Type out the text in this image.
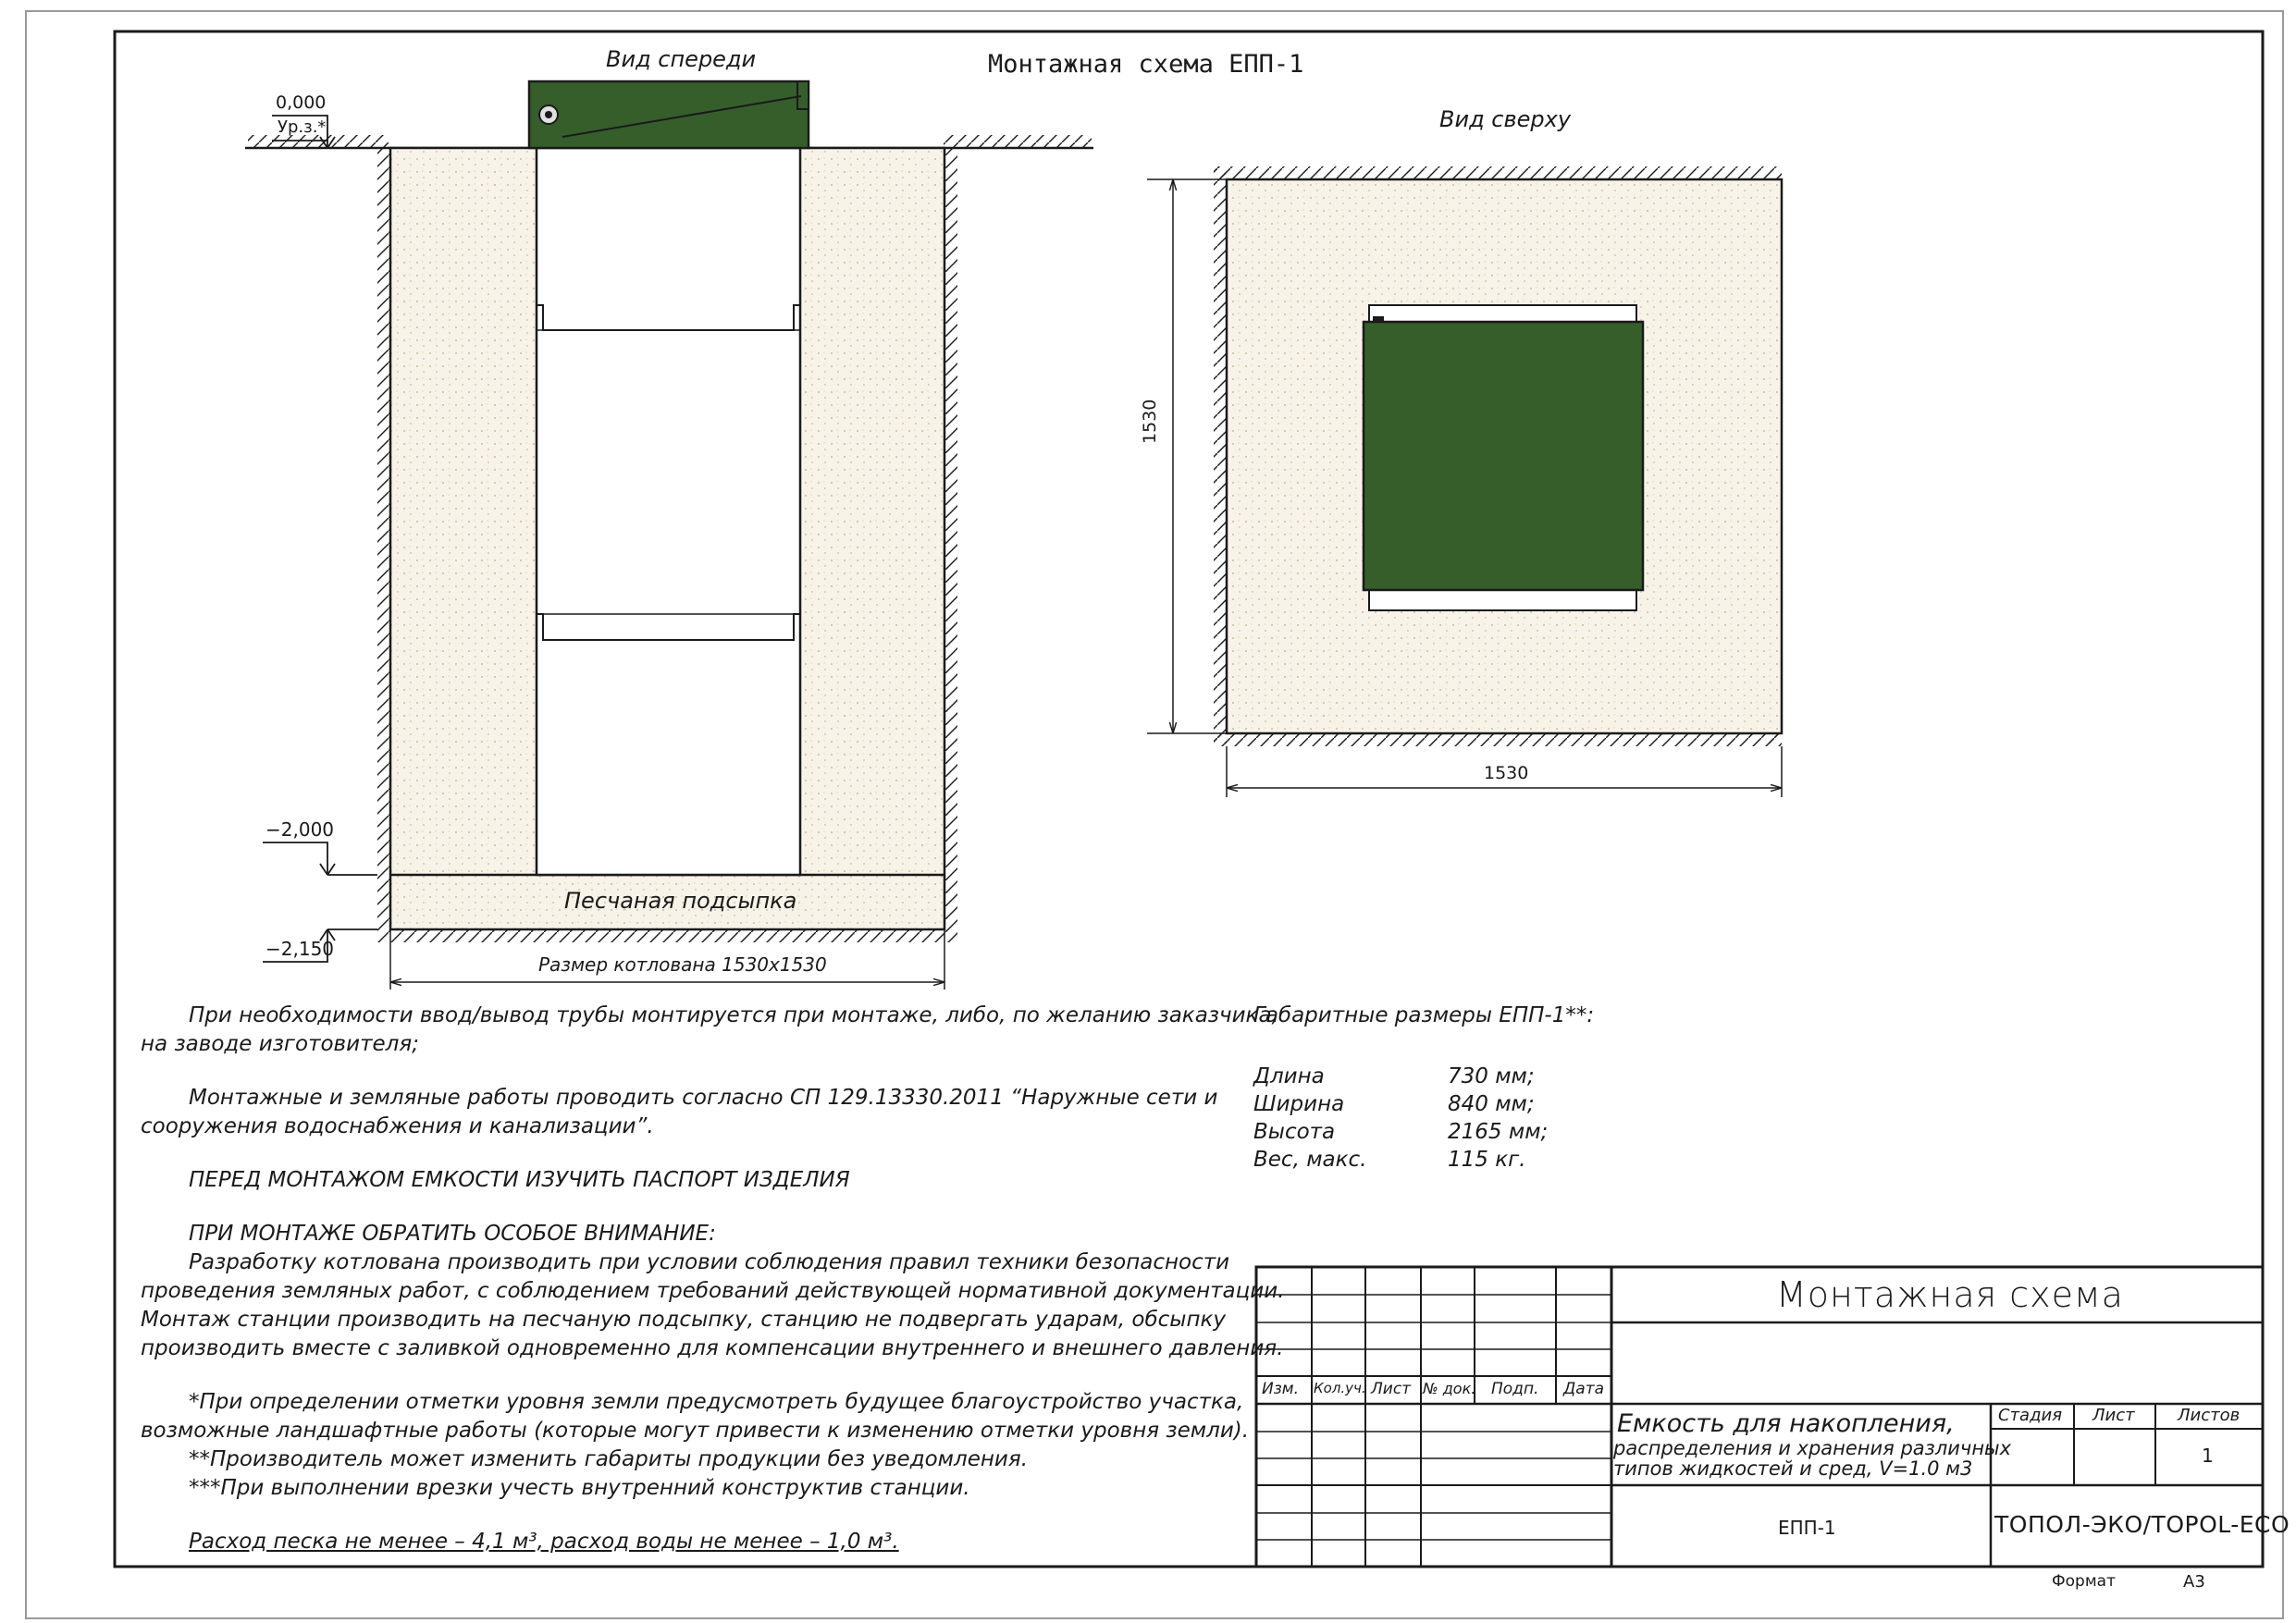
Вид спереди	Монтажная схема ЕПП-1
0,000
Ур.з.*
−2,000
−2,150
Песчаная подсыпка
Размер котлована 1530х1530
Вид сверху
1530
1530

При необходимости ввод/вывод трубы монтируется при монтаже, либо, по желанию заказчика,

на заводе изготовителя;

Монтажные и земляные работы проводить согласно СП 129.13330.2011 “Наружные сети и

сооружения водоснабжения и канализации”.

ПЕРЕД МОНТАЖОМ ЕМКОСТИ ИЗУЧИТЬ ПАСПОРТ ИЗДЕЛИЯ

ПРИ МОНТАЖЕ ОБРАТИТЬ ОСОБОЕ ВНИМАНИЕ:

Разработку котлована производить при условии соблюдения правил техники безопасности

проведения земляных работ, с соблюдением требований действующей нормативной документации.

Монтаж станции производить на песчаную подсыпку, станцию не подвергать ударам, обсыпку

производить вместе с заливкой одновременно для компенсации внутреннего и внешнего давления.

*При определении отметки уровня земли предусмотреть будущее благоустройство участка,

возможные ландшафтные работы (которые могут привести к изменению отметки уровня земли).

**Производитель может изменить габариты продукции без уведомления.

***При выполнении врезки учесть внутренний конструктив станции.

Расход песка не менее – 4,1 м³, расход воды не менее – 1,0 м³.

Габаритные размеры ЕПП-1**:
Длина	730 мм;
Ширина	840 мм;
Высота	2165 мм;
Вес, макс.	115 кг.
Монтажная схема
Изм. Кол.уч. Лист № док. Подп. Дата
Емкость для накопления,
распределения и хранения различных
типов жидкостей и сред, V=1.0 м3
Стадия Лист	Листов
1
ЕПП-1	ТОПОЛ-ЭКО/TOPOL-ECO
Формат	А3
